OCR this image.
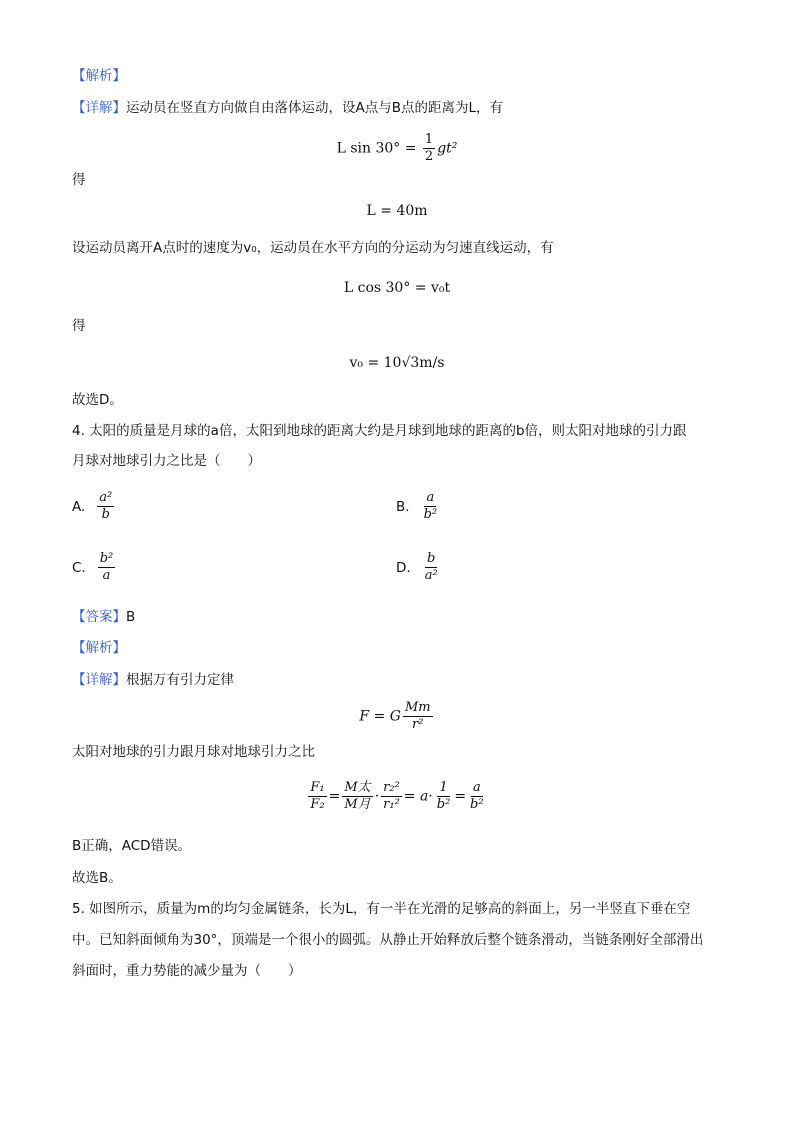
【解析】
【详解】运动员在竖直方向做自由落体运动，设A点与B点的距离为L，有
L $\sin 30^\circ = \frac{1}{2} gt^2$
得
L = 40m
设运动员离开A点时的速度为v₀，运动员在水平方向的分运动为匀速直线运动，有
L cos 30° = v₀t
得
v₀ = 10√3m/s
故选D。
4. 太阳的质量是月球的a倍，太阳到地球的距离大约是月球到地球的距离的b倍，则太阳对地球的引力跟
月球对地球引力之比是（　　）
A. $\frac{\text{a²}}{b}$	B. $\frac{a}{\text{b²}}$
C. $\frac{\text{b²}}{a}$	D. $\frac{b}{\text{a²}}$
【答案】B
【解析】
【详解】根据万有引力定律
F = G $\frac{Mm}{\text{r²}}$
太阳对地球的引力跟月球对地球引力之比
$\frac{\text{F₁}}{\text{F₂}} = \frac{\text{M太}}{\text{M月}} \cdot \frac{\text{r₂²}}{\text{r₁²}} = a\cdot \frac{1}{\text{b²}} = \frac{a}{\text{b²}}$
B正确，ACD错误。
故选B。
5. 如图所示，质量为m的均匀金属链条，长为L，有一半在光滑的足够高的斜面上，另一半竖直下垂在空
中。已知斜面倾角为30°，顶端是一个很小的圆弧。从静止开始释放后整个链条滑动，当链条刚好全部滑出
斜面时，重力势能的减少量为（　　）
